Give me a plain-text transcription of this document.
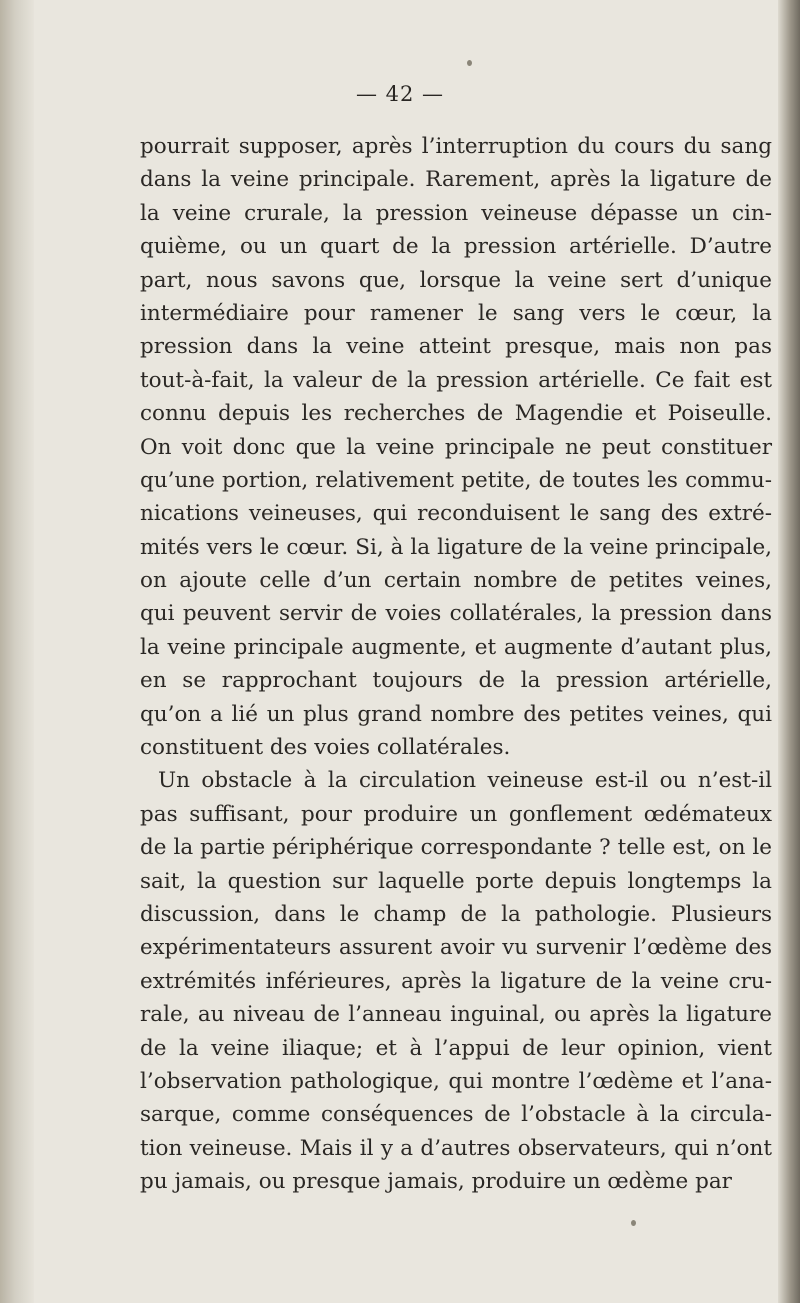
— 42 —
pourrait supposer, après l’interruption du cours du sang
dans la veine principale. Rarement, après la ligature de
la veine crurale, la pression veineuse dépasse un cin-
quième, ou un quart de la pression artérielle. D’autre
part, nous savons que, lorsque la veine sert d’unique
intermédiaire pour ramener le sang vers le cœur, la
pression dans la veine atteint presque, mais non pas
tout-à-fait, la valeur de la pression artérielle. Ce fait est
connu depuis les recherches de Magendie et Poiseulle.
On voit donc que la veine principale ne peut constituer
qu’une portion, relativement petite, de toutes les commu-
nications veineuses, qui reconduisent le sang des extré-
mités vers le cœur. Si, à la ligature de la veine principale,
on ajoute celle d’un certain nombre de petites veines,
qui peuvent servir de voies collatérales, la pression dans
la veine principale augmente, et augmente d’autant plus,
en se rapprochant toujours de la pression artérielle,
qu’on a lié un plus grand nombre des petites veines, qui
constituent des voies collatérales.
Un obstacle à la circulation veineuse est-il ou n’est-il
pas suffisant, pour produire un gonflement œdémateux
de la partie périphérique correspondante ? telle est, on le
sait, la question sur laquelle porte depuis longtemps la
discussion, dans le champ de la pathologie. Plusieurs
expérimentateurs assurent avoir vu survenir l’œdème des
extrémités inférieures, après la ligature de la veine cru-
rale, au niveau de l’anneau inguinal, ou après la ligature
de la veine iliaque; et à l’appui de leur opinion, vient
l’observation pathologique, qui montre l’œdème et l’ana-
sarque, comme conséquences de l’obstacle à la circula-
tion veineuse. Mais il y a d’autres observateurs, qui n’ont
pu jamais, ou presque jamais, produire un œdème par
